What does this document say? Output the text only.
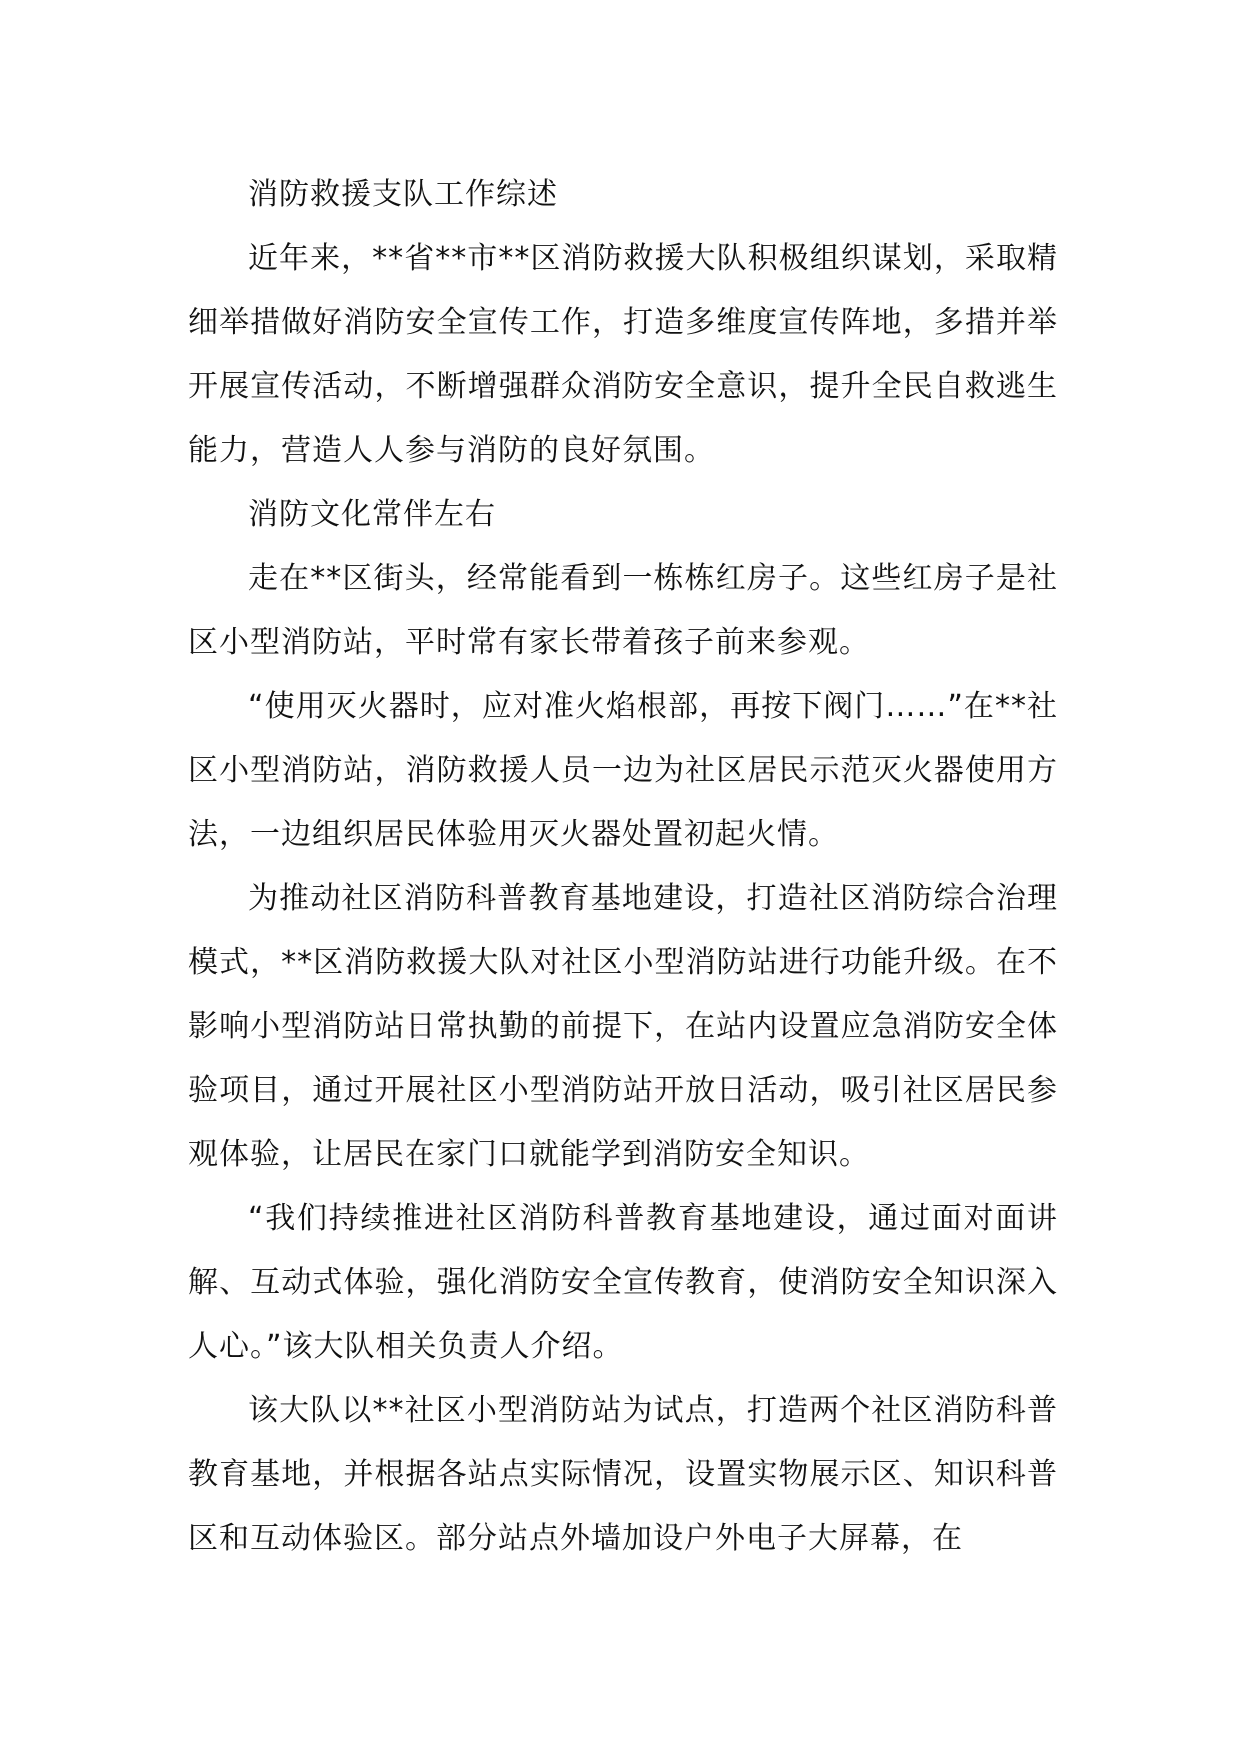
消防救援支队工作综述

近年来，**省**市**区消防救援大队积极组织谋划，采取精细举措做好消防安全宣传工作，打造多维度宣传阵地，多措并举开展宣传活动，不断增强群众消防安全意识，提升全民自救逃生能力，营造人人参与消防的良好氛围。

消防文化常伴左右

走在**区街头，经常能看到一栋栋红房子。这些红房子是社区小型消防站，平时常有家长带着孩子前来参观。

“使用灭火器时，应对准火焰根部，再按下阀门……”在**社区小型消防站，消防救援人员一边为社区居民示范灭火器使用方法，一边组织居民体验用灭火器处置初起火情。

为推动社区消防科普教育基地建设，打造社区消防综合治理模式，**区消防救援大队对社区小型消防站进行功能升级。在不影响小型消防站日常执勤的前提下，在站内设置应急消防安全体验项目，通过开展社区小型消防站开放日活动，吸引社区居民参观体验，让居民在家门口就能学到消防安全知识。

“我们持续推进社区消防科普教育基地建设，通过面对面讲解、互动式体验，强化消防安全宣传教育，使消防安全知识深入人心。”该大队相关负责人介绍。

该大队以**社区小型消防站为试点，打造两个社区消防科普教育基地，并根据各站点实际情况，设置实物展示区、知识科普区和互动体验区。部分站点外墙加设户外电子大屏幕，在
